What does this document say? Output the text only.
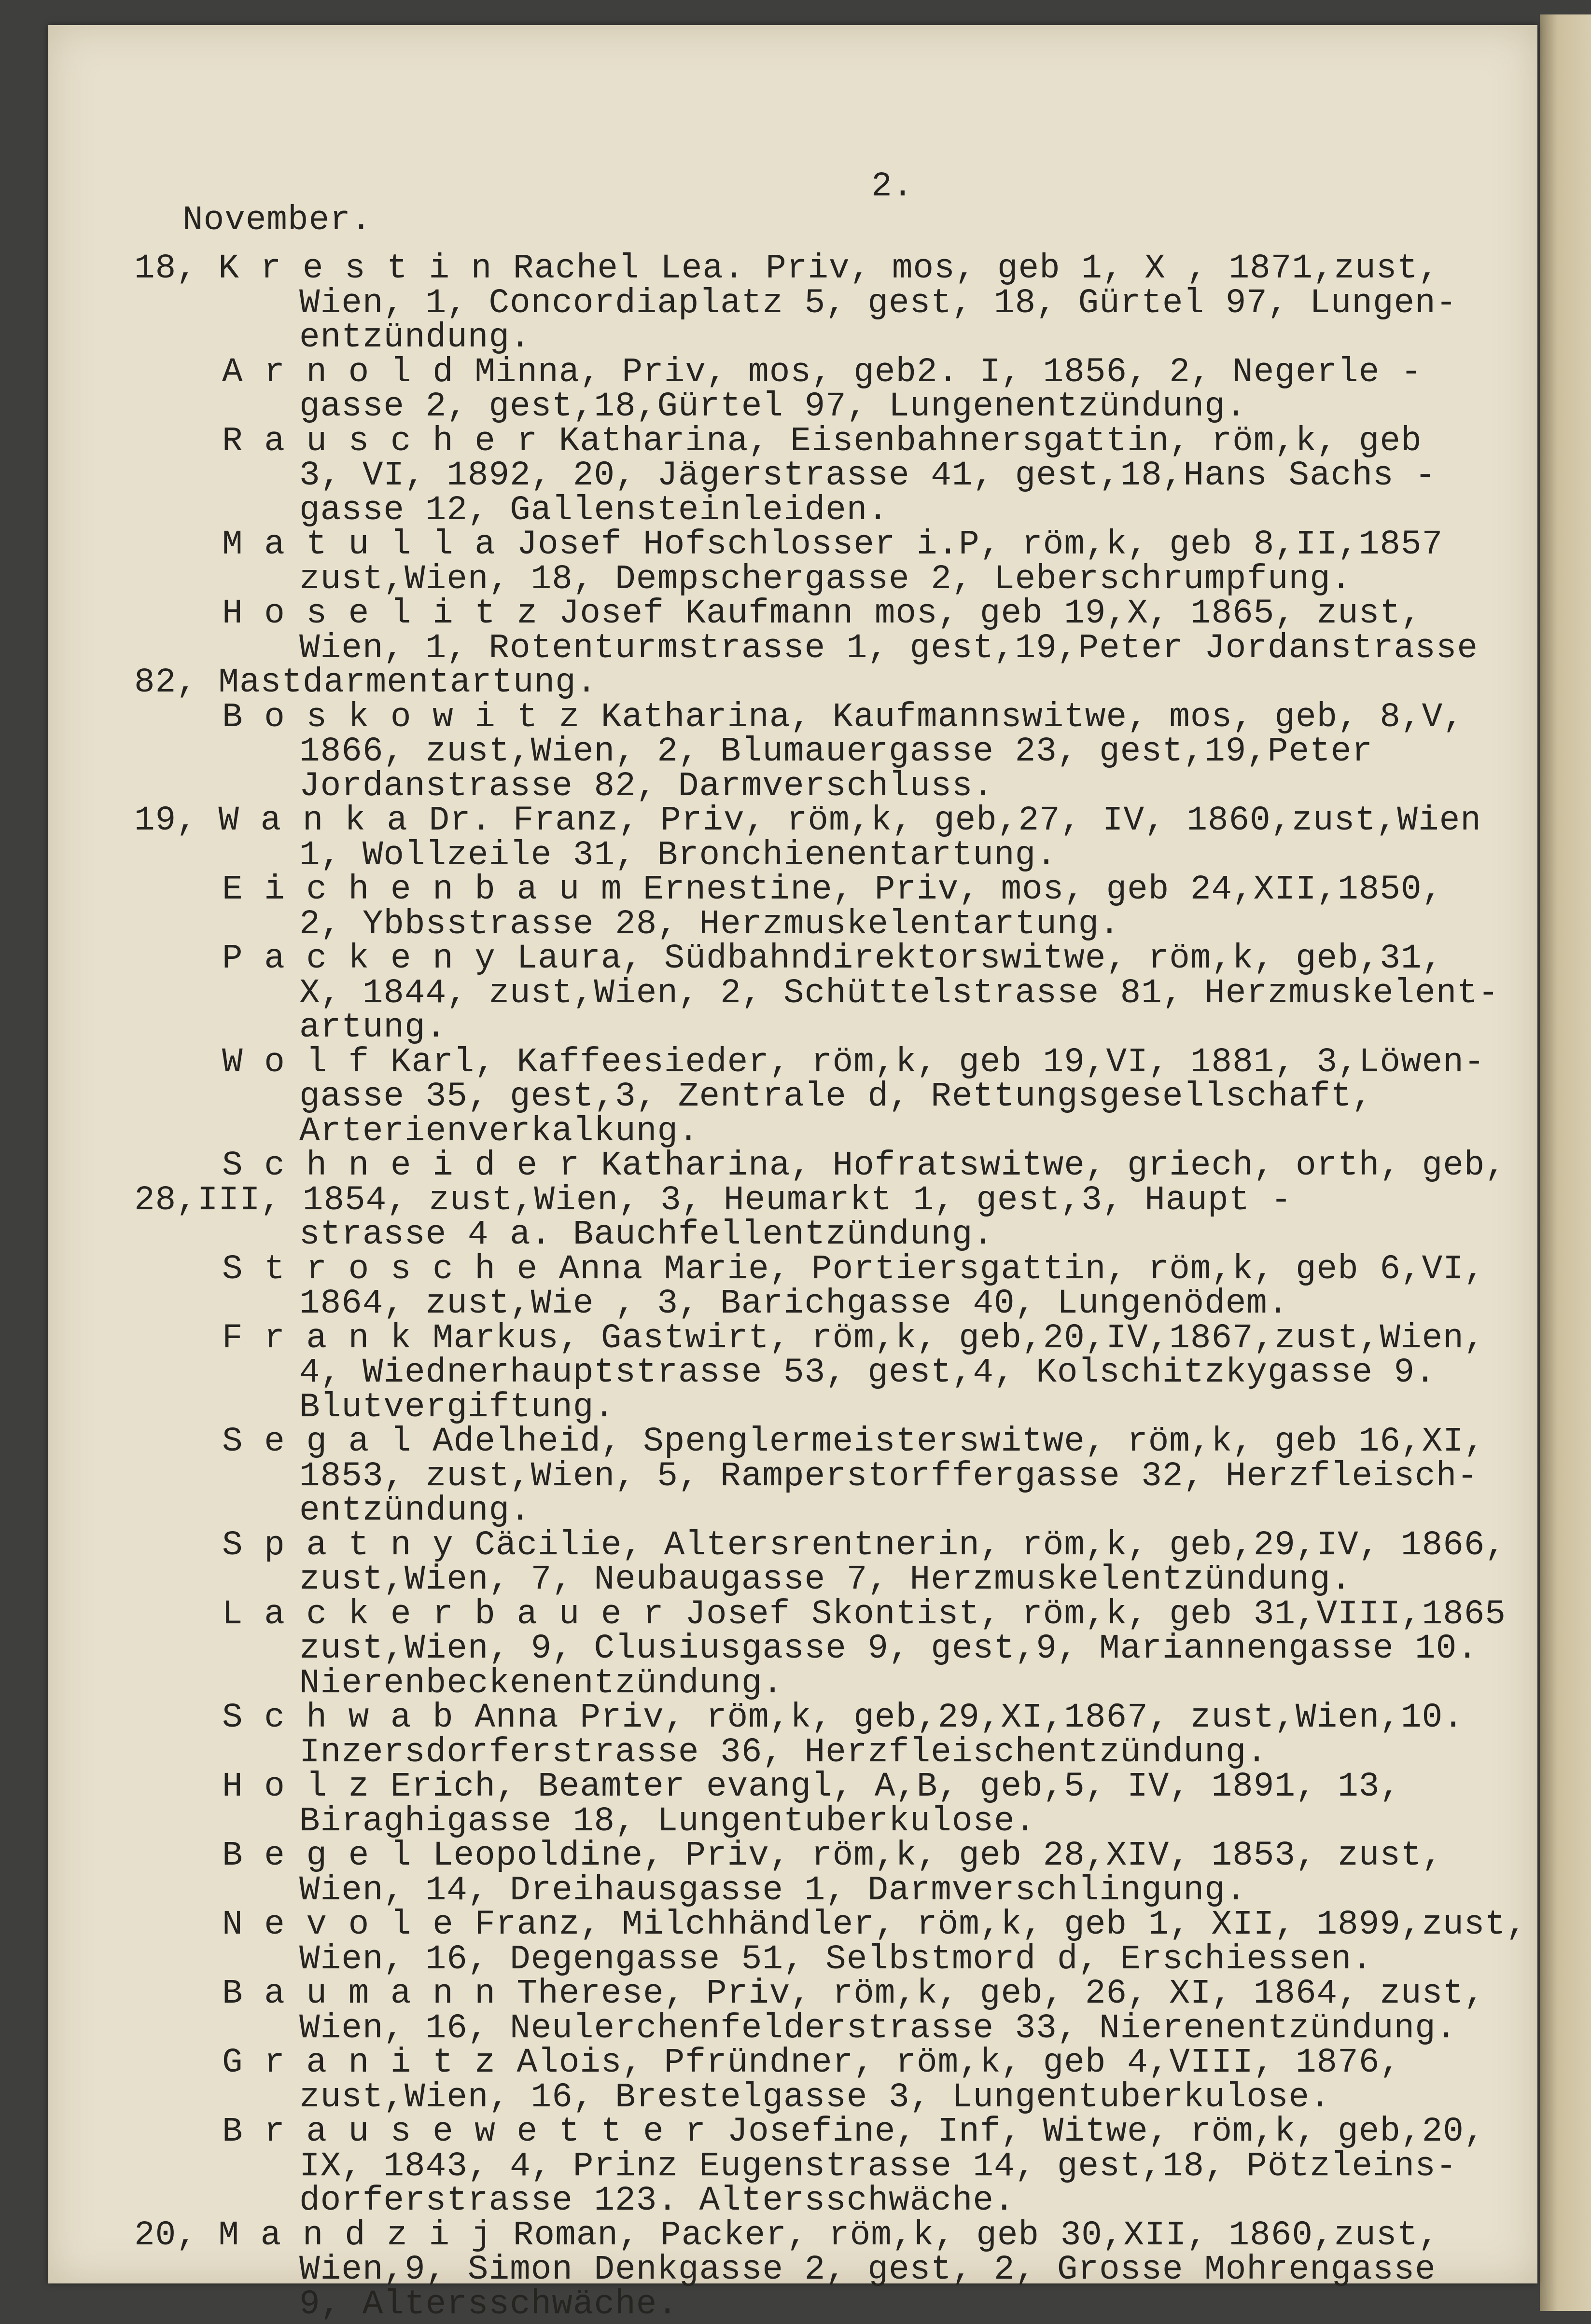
2.
November.
18, K r e s t i n Rachel Lea. Priv, mos, geb 1, X , 1871,zust,
Wien, 1, Concordiaplatz 5, gest, 18, Gürtel 97, Lungen-
entzündung.
A r n o l d Minna, Priv, mos, geb2. I, 1856, 2, Negerle -
gasse 2, gest,18,Gürtel 97, Lungenentzündung.
R a u s c h e r Katharina, Eisenbahnersgattin, röm,k, geb
3, VI, 1892, 20, Jägerstrasse 41, gest,18,Hans Sachs -
gasse 12, Gallensteinleiden.
M a t u l l a Josef Hofschlosser i.P, röm,k, geb 8,II,1857
zust,Wien, 18, Dempschergasse 2, Leberschrumpfung.
H o s e l i t z Josef Kaufmann mos, geb 19,X, 1865, zust,
Wien, 1, Rotenturmstrasse 1, gest,19,Peter Jordanstrasse
82, Mastdarmentartung.
B o s k o w i t z Katharina, Kaufmannswitwe, mos, geb, 8,V,
1866, zust,Wien, 2, Blumauergasse 23, gest,19,Peter
Jordanstrasse 82, Darmverschluss.
19, W a n k a Dr. Franz, Priv, röm,k, geb,27, IV, 1860,zust,Wien
1, Wollzeile 31, Bronchienentartung.
E i c h e n b a u m Ernestine, Priv, mos, geb 24,XII,1850,
2, Ybbsstrasse 28, Herzmuskelentartung.
P a c k e n y Laura, Südbahndirektorswitwe, röm,k, geb,31,
X, 1844, zust,Wien, 2, Schüttelstrasse 81, Herzmuskelent-
artung.
W o l f Karl, Kaffeesieder, röm,k, geb 19,VI, 1881, 3,Löwen-
gasse 35, gest,3, Zentrale d, Rettungsgesellschaft,
Arterienverkalkung.
S c h n e i d e r Katharina, Hofratswitwe, griech, orth, geb,
28,III, 1854, zust,Wien, 3, Heumarkt 1, gest,3, Haupt -
strasse 4 a. Bauchfellentzündung.
S t r o s c h e Anna Marie, Portiersgattin, röm,k, geb 6,VI,
1864, zust,Wie , 3, Barichgasse 40, Lungenödem.
F r a n k Markus, Gastwirt, röm,k, geb,20,IV,1867,zust,Wien,
4, Wiednerhauptstrasse 53, gest,4, Kolschitzkygasse 9.
Blutvergiftung.
S e g a l Adelheid, Spenglermeisterswitwe, röm,k, geb 16,XI,
1853, zust,Wien, 5, Ramperstorffergasse 32, Herzfleisch-
entzündung.
S p a t n y Cäcilie, Altersrentnerin, röm,k, geb,29,IV, 1866,
zust,Wien, 7, Neubaugasse 7, Herzmuskelentzündung.
L a c k e r b a u e r Josef Skontist, röm,k, geb 31,VIII,1865
zust,Wien, 9, Clusiusgasse 9, gest,9, Mariannengasse 10.
Nierenbeckenentzündung.
S c h w a b Anna Priv, röm,k, geb,29,XI,1867, zust,Wien,10.
Inzersdorferstrasse 36, Herzfleischentzündung.
H o l z Erich, Beamter evangl, A,B, geb,5, IV, 1891, 13,
Biraghigasse 18, Lungentuberkulose.
B e g e l Leopoldine, Priv, röm,k, geb 28,XIV, 1853, zust,
Wien, 14, Dreihausgasse 1, Darmverschlingung.
N e v o l e Franz, Milchhändler, röm,k, geb 1, XII, 1899,zust,
Wien, 16, Degengasse 51, Selbstmord d, Erschiessen.
B a u m a n n Therese, Priv, röm,k, geb, 26, XI, 1864, zust,
Wien, 16, Neulerchenfelderstrasse 33, Nierenentzündung.
G r a n i t z Alois, Pfründner, röm,k, geb 4,VIII, 1876,
zust,Wien, 16, Brestelgasse 3, Lungentuberkulose.
B r a u s e w e t t e r Josefine, Inf, Witwe, röm,k, geb,20,
IX, 1843, 4, Prinz Eugenstrasse 14, gest,18, Pötzleins-
dorferstrasse 123. Altersschwäche.
20, M a n d z i j Roman, Packer, röm,k, geb 30,XII, 1860,zust,
Wien,9, Simon Denkgasse 2, gest, 2, Grosse Mohrengasse
9, Altersschwäche.
